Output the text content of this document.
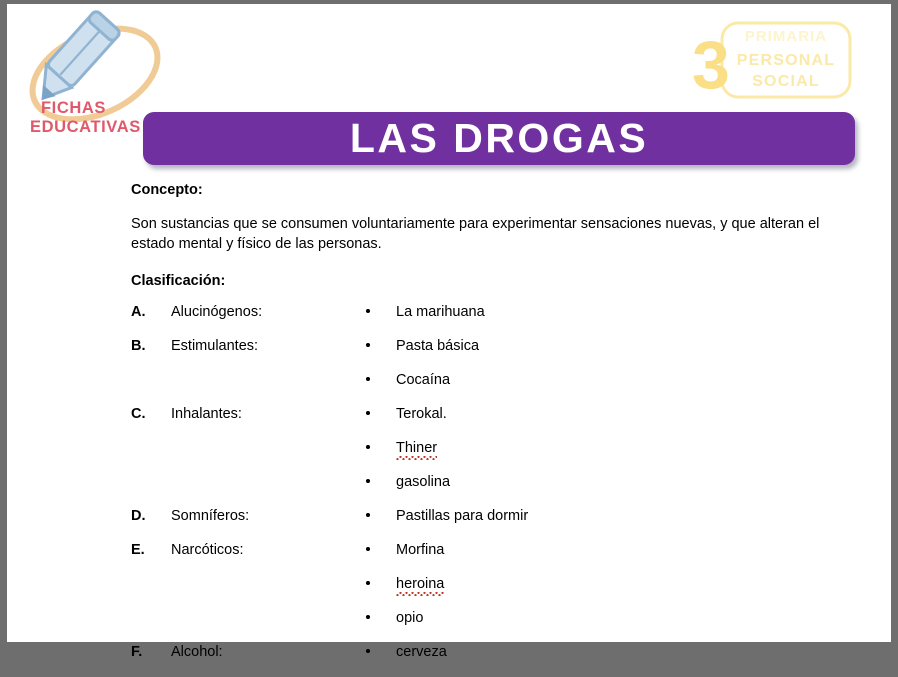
FICHAS
EDUCATIVAS
3 PRIMARIA
PERSONAL
SOCIAL
LAS DROGAS
Concepto:

Son sustancias que se consumen voluntariamente para experimentar sensaciones nuevas, y que alteran el estado mental y físico de las personas.

Clasificación:
A.	Alucinógenos:	La marihuana
B.	Estimulantes:	Pasta básica
Cocaína
C.	Inhalantes:	Terokal.
Thiner
gasolina
D.	Somníferos:	Pastillas para dormir
E.	Narcóticos:	Morfina
heroina
opio
F.	Alcohol:	cerveza
